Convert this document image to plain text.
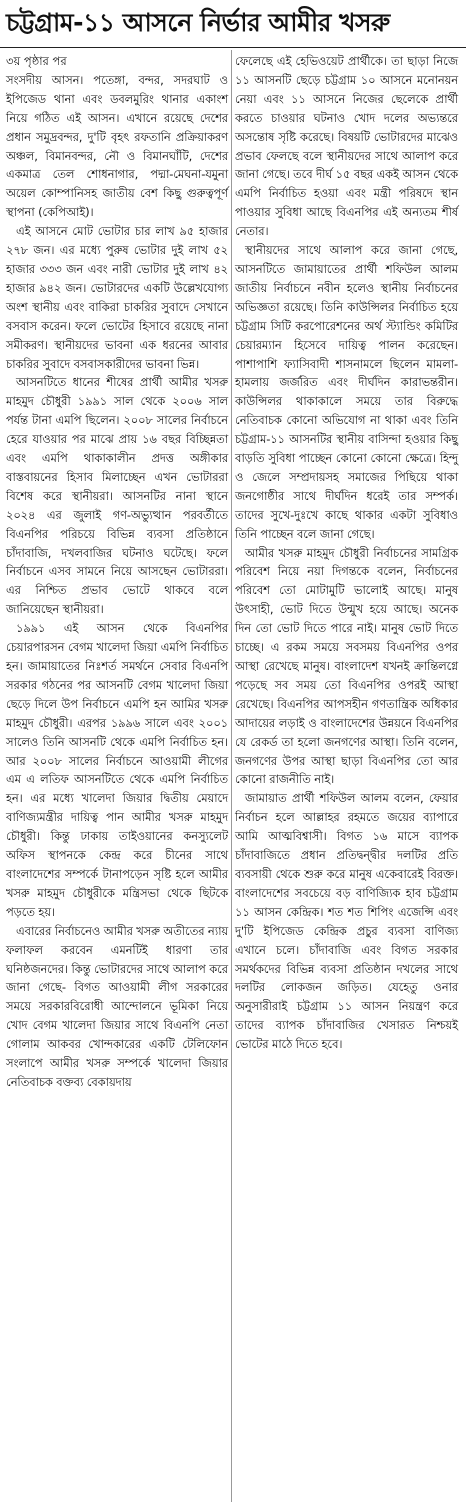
চট্টগ্রাম-১১ আসনে নির্ভার আমীর খসরু
৩য় পৃষ্ঠার পর

সংসদীয় আসন। পতেঙ্গা, বন্দর, সদরঘাট ও ইপিজেড থানা এবং ডবলমুরিং থানার একাংশ নিয়ে গঠিত এই আসন। এখানে রয়েছে দেশের প্রধান সমুদ্রবন্দর, দু'টি বৃহৎ রফতানি প্রক্রিয়াকরণ অঞ্চল, বিমানবন্দর, নৌ ও বিমানঘাঁটি, দেশের একমাত্র তেল শোধনাগার, পদ্মা-মেঘনা-যমুনা অয়েল কোম্পানিসহ জাতীয় বেশ কিছু গুরুত্বপূর্ণ স্থাপনা (কেপিআই)।

এই আসনে মোট ভোটার চার লাখ ৯৫ হাজার ২৭৮ জন। এর মধ্যে পুরুষ ভোটার দুই লাখ ৫২ হাজার ৩৩৩ জন এবং নারী ভোটার দুই লাখ ৪২ হাজার ৯৪২ জন। ভোটারদের একটি উল্লেখযোগ্য অংশ স্থানীয় এবং বাকিরা চাকরির সুবাদে সেখানে বসবাস করেন। ফলে ভোটের হিসাবে রয়েছে নানা সমীকরণ। স্থানীয়দের ভাবনা এক ধরনের আবার চাকরির সুবাদে বসবাসকারীদের ভাবনা ভিন্ন।

আসনটিতে ধানের শীষের প্রার্থী আমীর খসরু মাহমুদ চৌধুরী ১৯৯১ সাল থেকে ২০০৬ সাল পর্যন্ত টানা এমপি ছিলেন। ২০০৮ সালের নির্বাচনে হেরে যাওয়ার পর মাঝে প্রায় ১৬ বছর বিচ্ছিন্নতা এবং এমপি থাকাকালীন প্রদত্ত অঙ্গীকার বাস্তবায়নের হিসাব মিলাচ্ছেন এখন ভোটাররা বিশেষ করে স্থানীয়রা। আসনটির নানা স্থানে ২০২৪ এর জুলাই গণ-অভ্যুত্থান পরবর্তীতে বিএনপির পরিচয়ে বিভিন্ন ব্যবসা প্রতিষ্ঠানে চাঁদাবাজি, দখলবাজির ঘটনাও ঘটেছে। ফলে নির্বাচনে এসব সামনে নিয়ে আসছেন ভোটাররা। এর নিশ্চিত প্রভাব ভোটে থাকবে বলে জানিয়েছেন স্থানীয়রা।

১৯৯১ এই আসন থেকে বিএনপির চেয়ারপারসন বেগম খালেদা জিয়া এমপি নির্বাচিত হন। জামায়াতের নিঃশর্ত সমর্থনে সেবার বিএনপি সরকার গঠনের পর আসনটি বেগম খালেদা জিয়া ছেড়ে দিলে উপ নির্বাচনে এমপি হন আমির খসরু মাহমুদ চৌধুরী। এরপর ১৯৯৬ সালে এবং ২০০১ সালেও তিনি আসনটি থেকে এমপি নির্বাচিত হন। আর ২০০৮ সালের নির্বাচনে আওয়ামী লীগের এম এ লতিফ আসনটিতে থেকে এমপি নির্বাচিত হন। এর মধ্যে খালেদা জিয়ার দ্বিতীয় মেয়াদে বাণিজ্যমন্ত্রীর দায়িত্ব পান আমীর খসরু মাহমুদ চৌধুরী। কিন্তু ঢাকায় তাইওয়ানের কনস্যুলেট অফিস স্থাপনকে কেন্দ্র করে চীনের সাথে বাংলাদেশের সম্পর্কে টানাপড়েন সৃষ্টি হলে আমীর খসরু মাহমুদ চৌধুরীকে মন্ত্রিসভা থেকে ছিটকে পড়তে হয়।

এবারের নির্বাচনেও আমীর খসরু অতীতের ন্যায় ফলাফল করবেন এমনটিই ধারণা তার ঘনিষ্ঠজনদের। কিন্তু ভোটারদের সাথে আলাপ করে জানা গেছে- বিগত আওয়ামী লীগ সরকারের সময়ে সরকারবিরোধী আন্দোলনে ভূমিকা নিয়ে খোদ বেগম খালেদা জিয়ার সাথে বিএনপি নেতা গোলাম আকবর খোন্দকারের একটি টেলিফোন সংলাপে আমীর খসরু সম্পর্কে খালেদা জিয়ার নেতিবাচক বক্তব্য বেকায়দায়

ফেলেছে এই হেভিওয়েট প্রার্থীকে। তা ছাড়া নিজে ১১ আসনটি ছেড়ে চট্টগ্রাম ১০ আসনে মনোনয়ন নেয়া এবং ১১ আসনে নিজের ছেলেকে প্রার্থী করতে চাওয়ার ঘটনাও খোদ দলের অভ্যন্তরে অসন্তোষ সৃষ্টি করেছে। বিষয়টি ভোটারদের মাঝেও প্রভাব ফেলছে বলে স্থানীয়দের সাথে আলাপ করে জানা গেছে। তবে দীর্ঘ ১৫ বছর একই আসন থেকে এমপি নির্বাচিত হওয়া এবং মন্ত্রী পরিষদে স্থান পাওয়ার সুবিধা আছে বিএনপির এই অন্যতম শীর্ষ নেতার।

স্থানীয়দের সাথে আলাপ করে জানা গেছে, আসনটিতে জামায়াতের প্রার্থী শফিউল আলম জাতীয় নির্বাচনে নবীন হলেও স্থানীয় নির্বাচনের অভিজ্ঞতা রয়েছে। তিনি কাউন্সিলর নির্বাচিত হয়ে চট্টগ্রাম সিটি করপোরেশনের অর্থ স্ট্যান্ডিং কমিটির চেয়ারম্যান হিসেবে দায়িত্ব পালন করেছেন। পাশাপাশি ফ্যাসিবাদী শাসনামলে ছিলেন মামলা-হামলায় জর্জরিত এবং দীর্ঘদিন কারাভন্তরীন। কাউন্সিলর থাকাকালে সময়ে তার বিরুদ্ধে নেতিবাচক কোনো অভিযোগ না থাকা এবং তিনি চট্টগ্রাম-১১ আসনটির স্থানীয় বাসিন্দা হওয়ার কিছু বাড়তি সুবিধা পাচ্ছেন কোনো কোনো ক্ষেত্রে। হিন্দু ও জেলে সম্প্রদায়সহ সমাজের পিছিয়ে থাকা জনগোষ্ঠীর সাথে দীর্ঘদিন ধরেই তার সম্পর্ক। তাদের সুখে-দুঃখে কাছে থাকার একটা সুবিধাও তিনি পাচ্ছেন বলে জানা গেছে।

আমীর খসরু মাহমুদ চৌধুরী নির্বাচনের সামগ্রিক পরিবেশ নিয়ে নয়া দিগন্তকে বলেন, নির্বাচনের পরিবেশ তো মোটামুটি ভালোই আছে। মানুষ উৎসাহী, ভোট দিতে উন্মুখ হয়ে আছে। অনেক দিন তো ভোট দিতে পারে নাই। মানুষ ভোট দিতে চাচ্ছে। এ রকম সময়ে সবসময় বিএনপির ওপর আস্থা রেখেছে মানুষ। বাংলাদেশ যখনই ক্রান্তিলগ্নে পড়েছে সব সময় তো বিএনপির ওপরই আস্থা রেখেছে। বিএনপির আপসহীন গণতান্ত্রিক অধিকার আদায়ের লড়াই ও বাংলাদেশের উন্নয়নে বিএনপির যে রেকর্ড তা হলো জনগণের আস্থা। তিনি বলেন, জনগণের উপর আস্থা ছাড়া বিএনপির তো আর কোনো রাজনীতি নাই।

জামায়াত প্রার্থী শফিউল আলম বলেন, ফেয়ার নির্বাচন হলে আল্লাহর রহমতে জয়ের ব্যাপারে আমি আত্মবিশ্বাসী। বিগত ১৬ মাসে ব্যাপক চাঁদাবাজিতে প্রধান প্রতিদ্বন্দ্বীর দলটির প্রতি ব্যবসায়ী থেকে শুরু করে মানুষ একেবারেই বিরক্ত। বাংলাদেশের সবচেয়ে বড় বাণিজ্যিক হাব চট্টগ্রাম ১১ আসন কেন্দ্রিক। শত শত শিপিং এজেন্সি এবং দু'টি ইপিজেড কেন্দ্রিক প্রচুর ব্যবসা বাণিজ্য এখানে চলে। চাঁদাবাজি এবং বিগত সরকার সমর্থকদের বিভিন্ন ব্যবসা প্রতিষ্ঠান দখলের সাথে দলটির লোকজন জড়িত। যেহেতু ওনার অনুসারীরাই চট্টগ্রাম ১১ আসন নিয়ন্ত্রণ করে তাদের ব্যাপক চাঁদাবাজির খেসারত নিশ্চয়ই ভোটের মাঠে দিতে হবে।
